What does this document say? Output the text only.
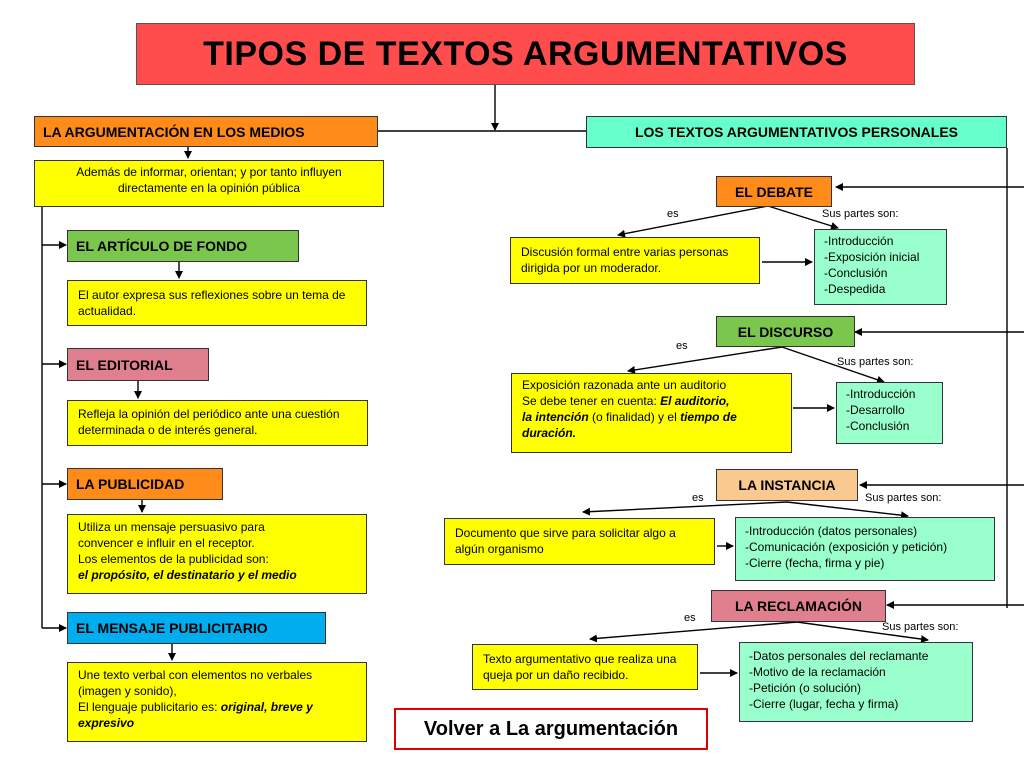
TIPOS DE TEXTOS ARGUMENTATIVOS
LA ARGUMENTACIÓN EN LOS MEDIOS
Además de informar, orientan; y por tanto influyen directamente en la opinión pública
EL ARTÍCULO DE FONDO
El autor expresa sus reflexiones sobre un tema de actualidad.
EL EDITORIAL
Refleja la opinión del periódico ante una cuestión determinada o de interés general.
LA PUBLICIDAD
Utiliza un mensaje persuasivo para
convencer e influir en el receptor.
Los elementos de la publicidad son:
el propósito, el destinatario y el medio
EL MENSAJE PUBLICITARIO
Une texto verbal con elementos no verbales
(imagen y sonido),
El lenguaje publicitario es: original, breve y expresivo
LOS TEXTOS ARGUMENTATIVOS PERSONALES
EL DEBATE
es	Sus partes son:
Discusión formal entre varias personas dirigida por un moderador.
-Introducción
-Exposición inicial
-Conclusión
-Despedida
EL DISCURSO
es
Sus partes son:
Exposición razonada ante un auditorio
Se debe tener en cuenta: El auditorio,
la intención (o finalidad) y el tiempo de
duración.
-Introducción
-Desarrollo
-Conclusión
LA INSTANCIA
es	Sus partes son:
Documento que sirve para solicitar algo a algún organismo
-Introducción (datos personales)
-Comunicación (exposición y petición)
-Cierre (fecha, firma y pie)
LA RECLAMACIÓN
es
Sus partes son:
Texto argumentativo que realiza una queja por un daño recibido.
-Datos personales del reclamante
-Motivo de la reclamación
-Petición (o solución)
-Cierre (lugar, fecha y firma)
Volver a La argumentación
